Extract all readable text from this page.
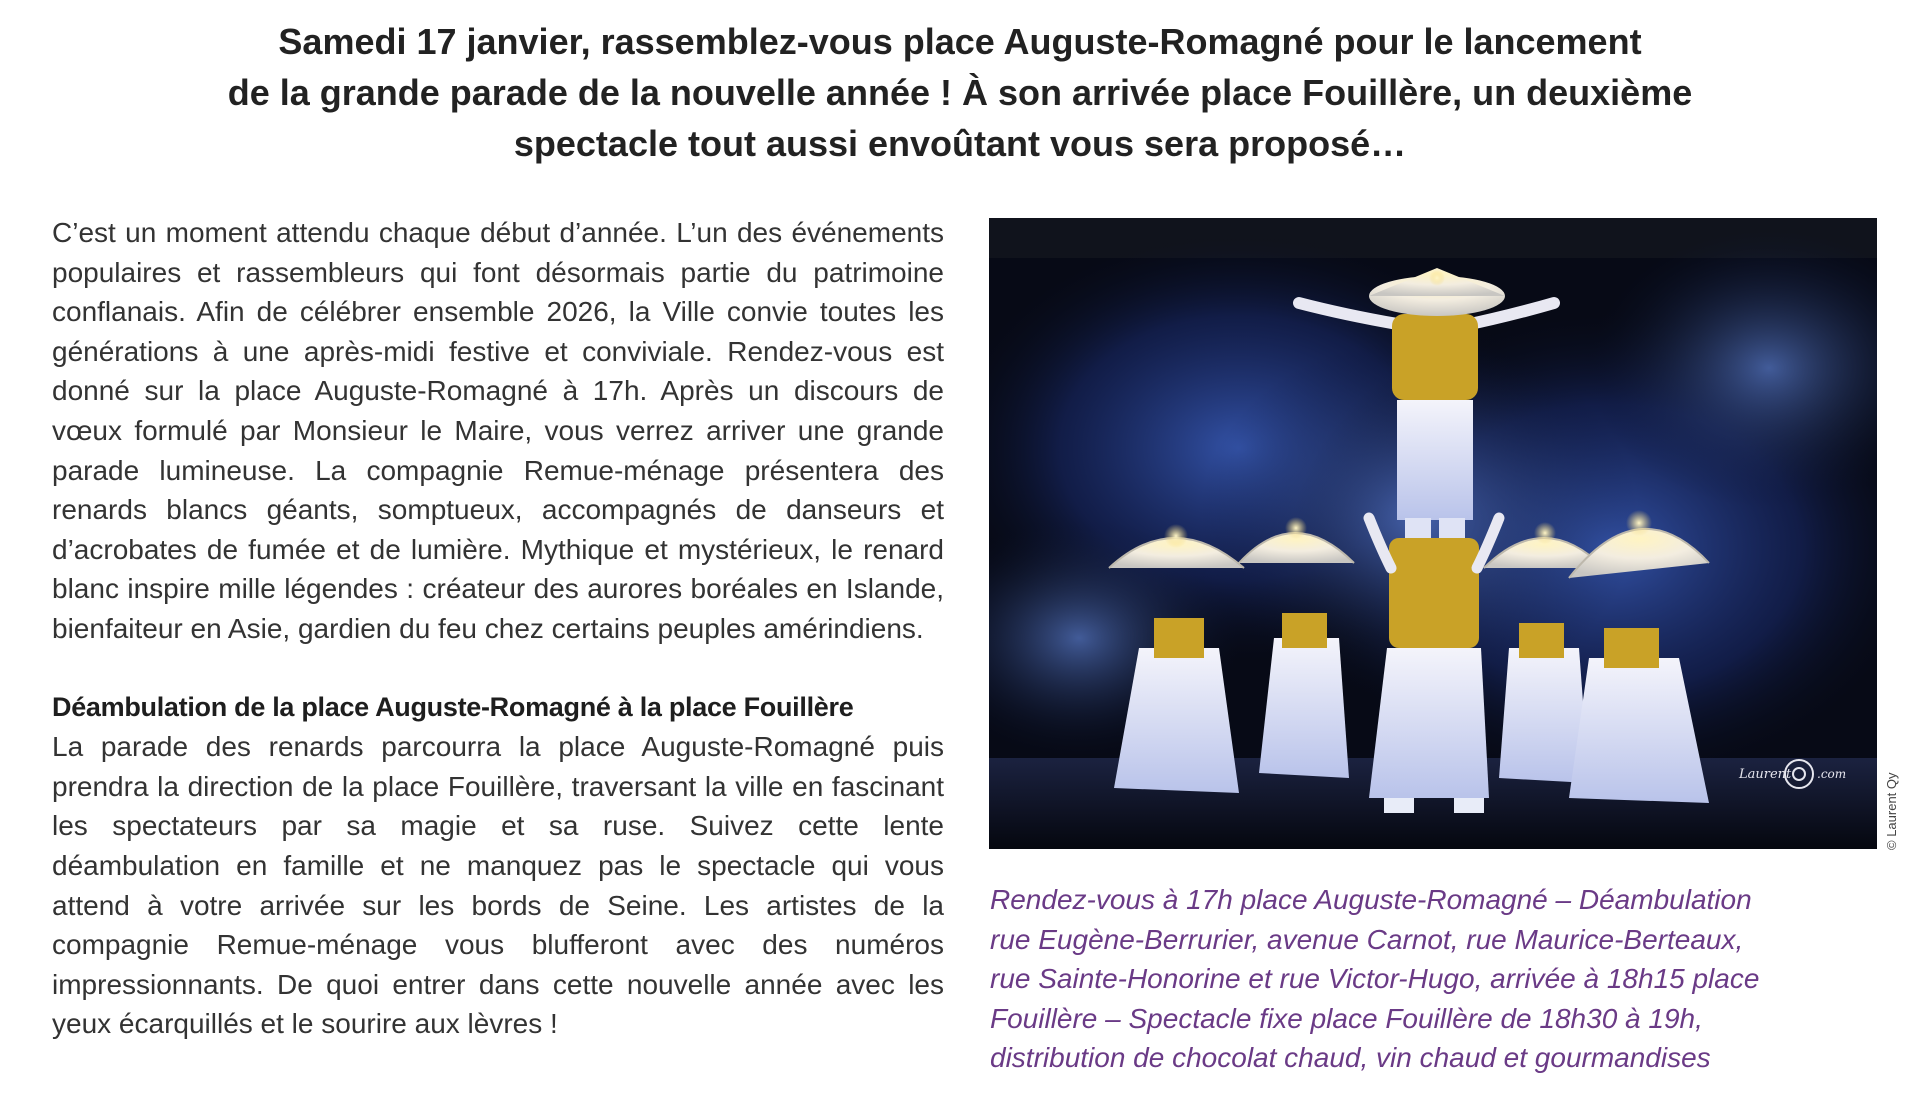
Samedi 17 janvier, rassemblez-vous place Auguste-Romagné pour le lancement
de la grande parade de la nouvelle année ! À son arrivée place Fouillère, un deuxième
spectacle tout aussi envoûtant vous sera proposé…

C’est un moment attendu chaque début d’année. L’un des événements populaires et rassembleurs qui font désormais partie du patrimoine conflanais. Afin de célébrer ensemble 2026, la Ville convie toutes les générations à une après-midi festive et conviviale. Rendez-vous est donné sur la place Auguste-Romagné à 17h. Après un discours de vœux formulé par Monsieur le Maire, vous verrez arriver une grande parade lumineuse. La compagnie Remue-ménage présentera des renards blancs géants, somptueux, accompagnés de danseurs et d’acrobates de fumée et de lumière. Mythique et mystérieux, le renard blanc inspire mille légendes : créateur des aurores boréales en Islande, bienfaiteur en Asie, gardien du feu chez certains peuples amérindiens.

Déambulation de la place Auguste-Romagné à la place Fouillère

La parade des renards parcourra la place Auguste-Romagné puis prendra la direction de la place Fouillère, traversant la ville en fascinant les spectateurs par sa magie et sa ruse. Suivez cette lente déambulation en famille et ne manquez pas le spectacle qui vous attend à votre arrivée sur les bords de Seine. Les artistes de la compagnie Remue-ménage vous blufferont avec des numéros impressionnants. De quoi entrer dans cette nouvelle année avec les yeux écarquillés et le sourire aux lèvres !

Laurent .com	© Laurent Qy

Rendez-vous à 17h place Auguste-Romagné – Déambulation
rue Eugène-Berrurier, avenue Carnot, rue Maurice-Berteaux,
rue Sainte-Honorine et rue Victor-Hugo, arrivée à 18h15 place
Fouillère – Spectacle fixe place Fouillère de 18h30 à 19h,
distribution de chocolat chaud, vin chaud et gourmandises
